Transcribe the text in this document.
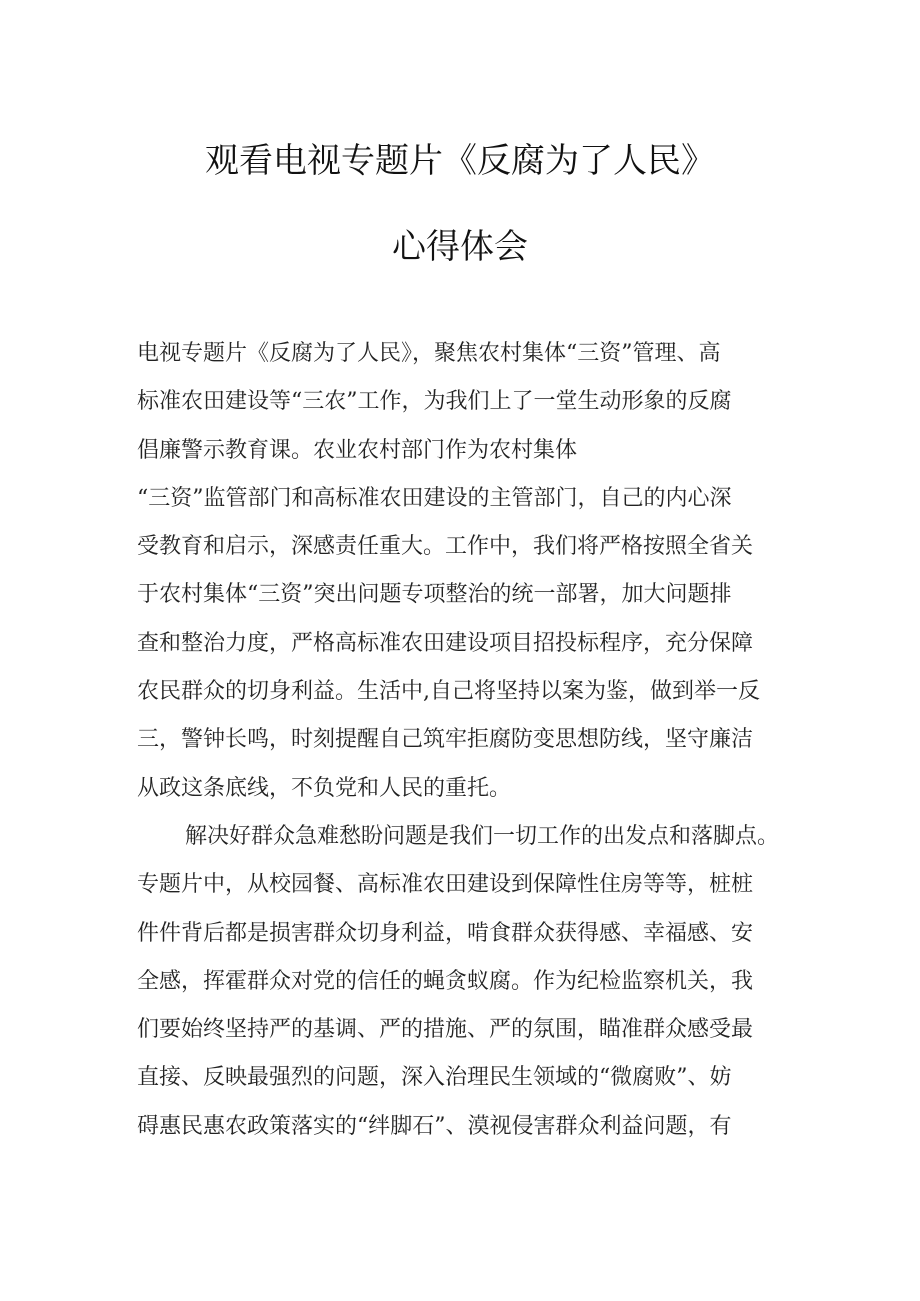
观看电视专题片《反腐为了人民》
心得体会
电视专题片《反腐为了人民》，聚焦农村集体“三资”管理、高
标准农田建设等“三农”工作，为我们上了一堂生动形象的反腐
倡廉警示教育课。农业农村部门作为农村集体
“三资”监管部门和高标准农田建设的主管部门，自己的内心深
受教育和启示，深感责任重大。工作中，我们将严格按照全省关
于农村集体“三资”突出问题专项整治的统一部署，加大问题排
查和整治力度，严格高标准农田建设项目招投标程序，充分保障
农民群众的切身利益。生活中,自己将坚持以案为鉴，做到举一反
三，警钟长鸣，时刻提醒自己筑牢拒腐防变思想防线，坚守廉洁
从政这条底线，不负党和人民的重托。
解决好群众急难愁盼问题是我们一切工作的出发点和落脚点。
专题片中，从校园餐、高标准农田建设到保障性住房等等，桩桩
件件背后都是损害群众切身利益，啃食群众获得感、幸福感、安
全感，挥霍群众对党的信任的蝇贪蚁腐。作为纪检监察机关，我
们要始终坚持严的基调、严的措施、严的氛围，瞄准群众感受最
直接、反映最强烈的问题，深入治理民生领域的“微腐败”、妨
碍惠民惠农政策落实的“绊脚石”、漠视侵害群众利益问题，有
